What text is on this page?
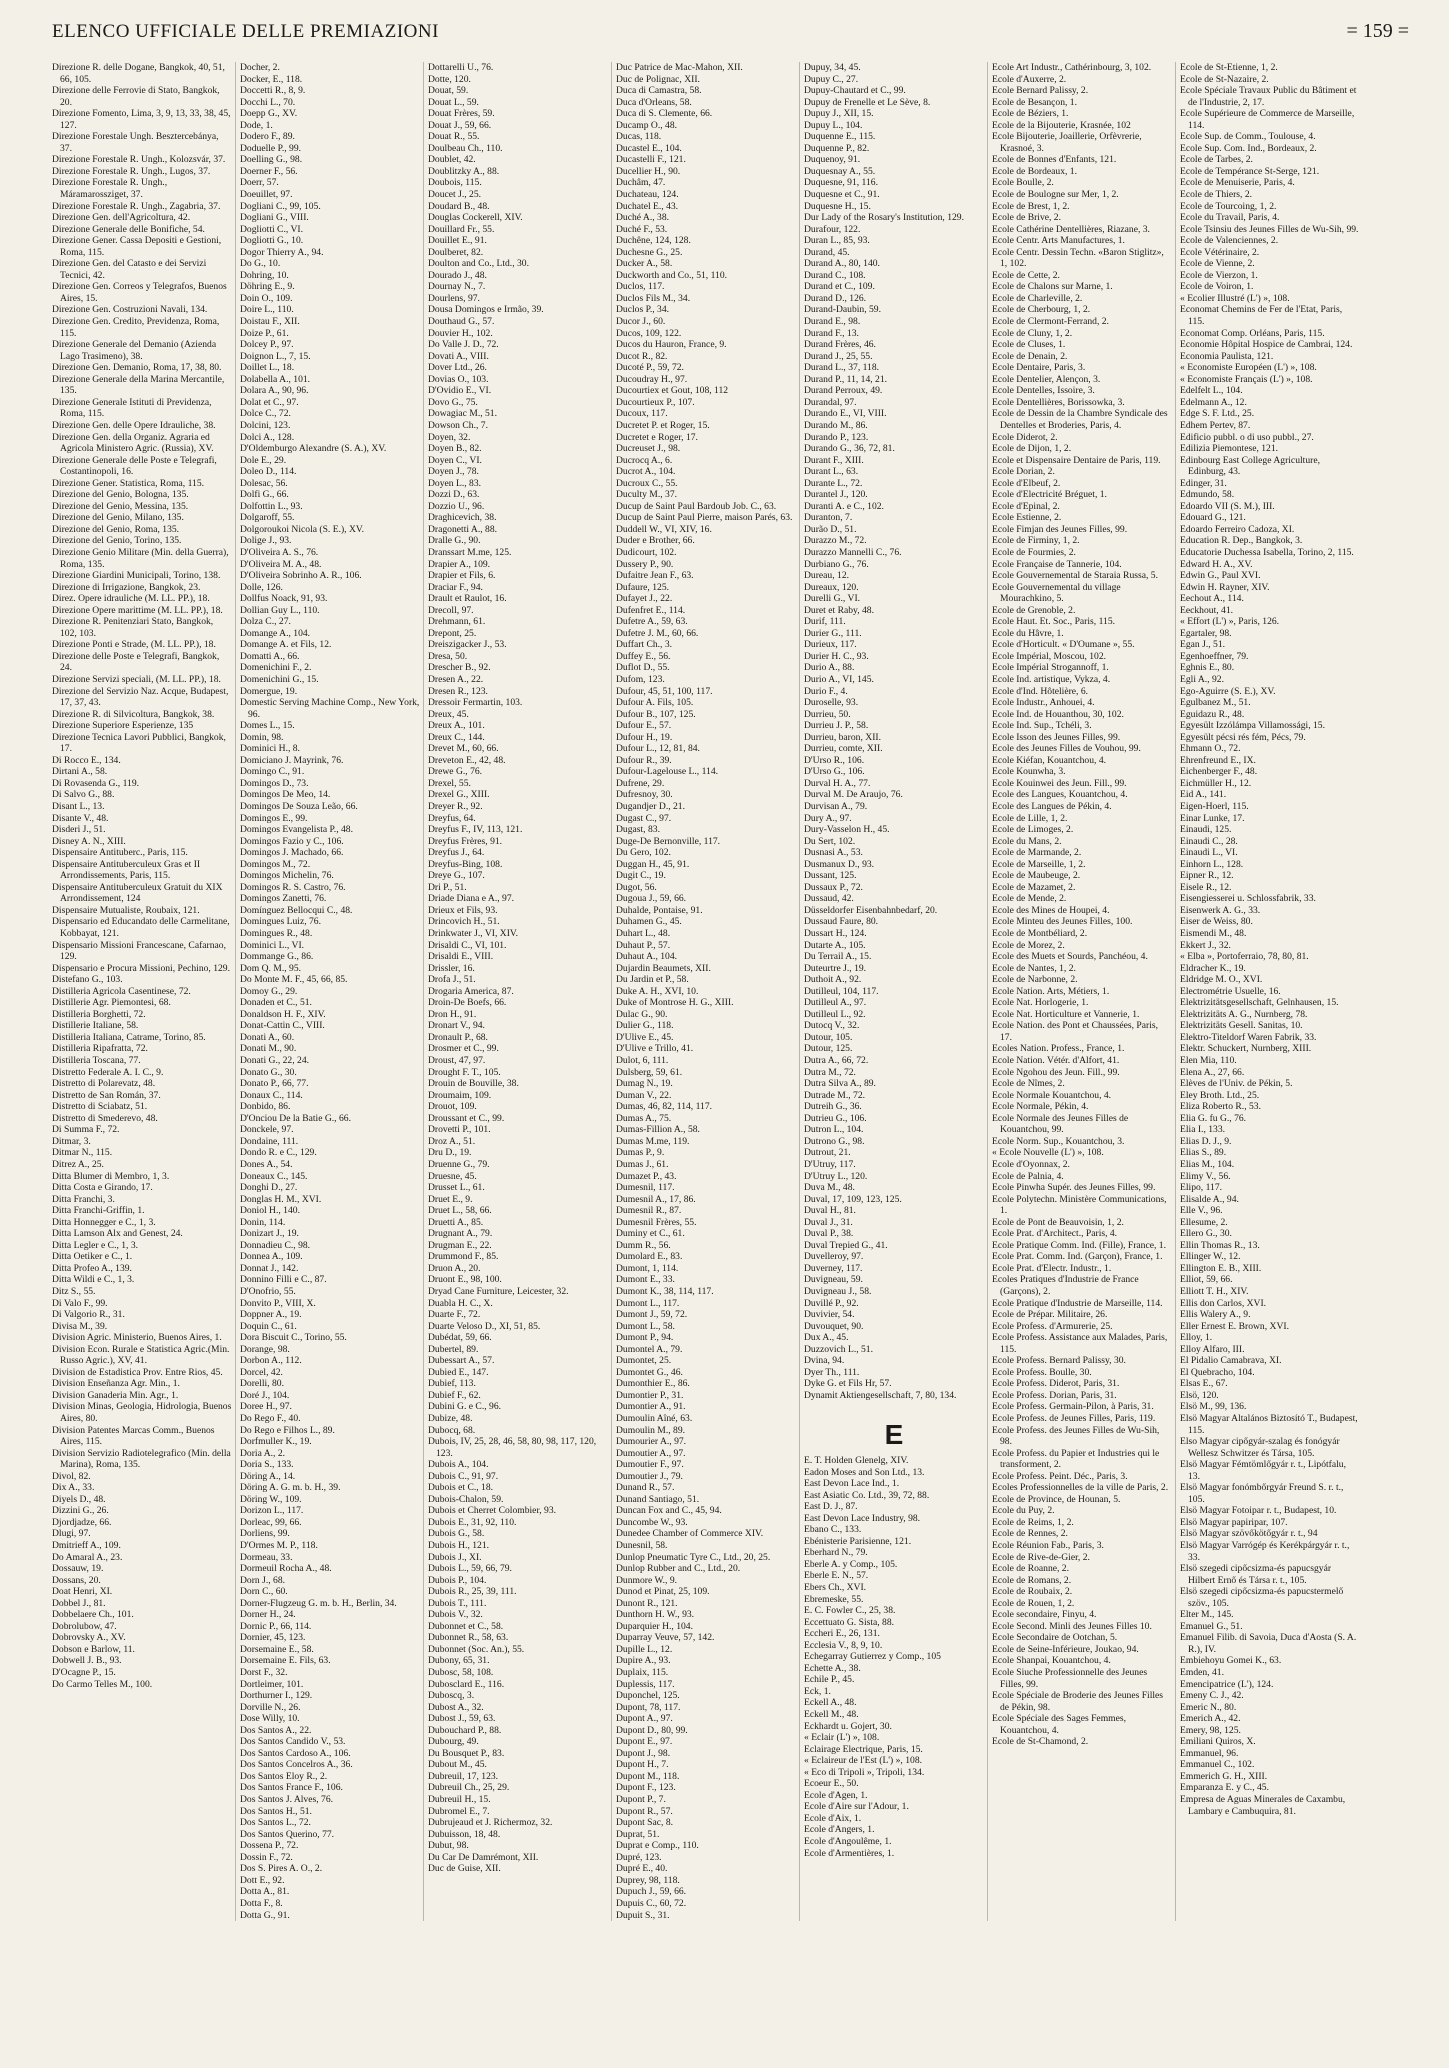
ELENCO UFFICIALE DELLE PREMIAZIONI	= 159 =
Direzione R. delle Dogane, Bangkok, 40, 51, 66, 105.
Direzione delle Ferrovie di Stato, Bangkok, 20.
Direzione Fomento, Lima, 3, 9, 13, 33, 38, 45, 127.
Direzione Forestale Ungh. Besztercebánya, 37.
Direzione Forestale R. Ungh., Kolozsvár, 37.
Direzione Forestale R. Ungh., Lugos, 37.
Direzione Forestale R. Ungh., Máramarossziget, 37.
Direzione Forestale R. Ungh., Zagabria, 37.
Direzione Gen. dell'Agricoltura, 42.
Direzione Generale delle Bonifiche, 54.
Direzione Gener. Cassa Depositi e Gestioni, Roma, 115.
Direzione Gen. del Catasto e dei Servizi Tecnici, 42.
Direzione Gen. Correos y Telegrafos, Buenos Aires, 15.
Direzione Gen. Costruzioni Navali, 134.
Direzione Gen. Credito, Previdenza, Roma, 115.
Direzione Generale del Demanio (Azienda Lago Trasimeno), 38.
Direzione Gen. Demanio, Roma, 17, 38, 80.
Direzione Generale della Marina Mercantile, 135.
Direzione Generale Istituti di Previdenza, Roma, 115.
Direzione Gen. delle Opere Idrauliche, 38.
Direzione Gen. della Organiz. Agraria ed Agricola Ministero Agric. (Russia), XV.
Direzione Generale delle Poste e Telegrafi, Costantinopoli, 16.
Direzione Gener. Statistica, Roma, 115.
Direzione del Genio, Bologna, 135.
Direzione del Genio, Messina, 135.
Direzione del Genio, Milano, 135.
Direzione del Genio, Roma, 135.
Direzione del Genio, Torino, 135.
Direzione Genio Militare (Min. della Guerra), Roma, 135.
Direzione Giardini Municipali, Torino, 138.
Direzione di Irrigazione, Bangkok, 23.
Direz. Opere idrauliche (M. LL. PP.), 18.
Direzione Opere marittime (M. LL. PP.), 18.
Direzione R. Penitenziari Stato, Bangkok, 102, 103.
Direzione Ponti e Strade, (M. LL. PP.), 18.
Direzione delle Poste e Telegrafi, Bangkok, 24.
Direzione Servizi speciali, (M. LL. PP.), 18.
Direzione del Servizio Naz. Acque, Budapest, 17, 37, 43.
Direzione R. di Silvicoltura, Bangkok, 38.
Direzione Superiore Esperienze, 135
Direzione Tecnica Lavori Pubblici, Bangkok, 17.
Di Rocco E., 134.
Dirtani A., 58.
Di Rovasenda G., 119.
Di Salvo G., 88.
Disant L., 13.
Disante V., 48.
Disderi J., 51.
Disney A. N., XIII.
Dispensaire Antituberc., Paris, 115.
Dispensaire Antituberculeux Gras et II Arrondissements, Paris, 115.
Dispensaire Antituberculeux Gratuit du XIX Arrondissement, 124
Dispensaire Mutualiste, Roubaix, 121.
Dispensario ed Educandato delle Carmelitane, Kobbayat, 121.
Dispensario Missioni Francescane, Cafarnao, 129.
Dispensario e Procura Missioni, Pechino, 129.
Distefano G., 103.
Distilleria Agricola Casentinese, 72.
Distillerie Agr. Piemontesi, 68.
Distilleria Borghetti, 72.
Distillerie Italiane, 58.
Distilleria Italiana, Catrame, Torino, 85.
Distilleria Ripafratta, 72.
Distilleria Toscana, 77.
Distretto Federale A. I. C., 9.
Distretto di Polarevatz, 48.
Distretto de San Román, 37.
Distretto di Sciabatz, 51.
Distretto di Smederevo, 48.
Di Summa F., 72.
Ditmar, 3.
Ditmar N., 115.
Ditrez A., 25.
Ditta Blumer di Membro, 1, 3.
Ditta Costa e Girando, 17.
Ditta Franchi, 3.
Ditta Franchi-Griffin, 1.
Ditta Honnegger e C., 1, 3.
Ditta Lamson Alx and Genest, 24.
Ditta Legler e C., 1, 3.
Ditta Oetiker e C., 1.
Ditta Profeo A., 139.
Ditta Wildi e C., 1, 3.
Ditz S., 55.
Di Valo F., 99.
Di Valgorio R., 31.
Divisa M., 39.
Division Agric. Ministerio, Buenos Aires, 1.
Division Econ. Rurale e Statistica Agric.(Min. Russo Agric.), XV, 41.
Division de Estadistica Prov. Entre Rios, 45.
Division Enseñanza Agr. Min., 1.
Division Ganaderia Min. Agr., 1.
Division Minas, Geologia, Hidrologia, Buenos Aires, 80.
Division Patentes Marcas Comm., Buenos Aires, 115.
Division Servizio Radiotelegrafico (Min. della Marina), Roma, 135.
Divol, 82.
Dix A., 33.
Diyels D., 48.
Dizzini G., 26.
Djordjadze, 66.
Dlugi, 97.
Dmitrieff A., 109.
Do Amaral A., 23.
Dossauw, 19.
Dossans, 20.
Doat Henri, XI.
Dobbel J., 81.
Dobbelaere Ch., 101.
Dobrolubow, 47.
Dobrovsky A., XV.
Dobson e Barlow, 11.
Dobwell J. B., 93.
D'Ocagne P., 15.
Do Carmo Telles M., 100.
Docher, 2.
Docker, E., 118.
Doccetti R., 8, 9.
Docchi L., 70.
Doepp G., XV.
Dode, 1.
Dodero F., 89.
Doduelle P., 99.
Doelling G., 98.
Doerner F., 56.
Doerr, 57.
Doeuillet, 97.
Dogliani C., 99, 105.
Dogliani G., VIII.
Dogliotti C., VI.
Dogliotti G., 10.
Dogor Thierry A., 94.
Do G., 10.
Dohring, 10.
Döhring E., 9.
Doin O., 109.
Doire L., 110.
Doistau F., XII.
Doize P., 61.
Dolcey P., 97.
Doignon L., 7, 15.
Doillet L., 18.
Dolabella A., 101.
Dolara A., 90, 96.
Dolat et C., 97.
Dolce C., 72.
Dolcini, 123.
Dolci A., 128.
D'Oldemburgo Alexandre (S. A.), XV.
Dole E., 29.
Doleo D., 114.
Dolesac, 56.
Dolfi G., 66.
Dolfottin L., 93.
Dolgaroff, 55.
Dolgoroukoi Nicola (S. E.), XV.
Dolige J., 93.
D'Oliveira A. S., 76.
D'Oliveira M. A., 48.
D'Oliveira Sobrinho A. R., 106.
Dolle, 126.
Dollfus Noack, 91, 93.
Dollian Guy L., 110.
Dolza C., 27.
Domange A., 104.
Domange A. et Fils, 12.
Domatti A., 66.
Domenichini F., 2.
Domenichini G., 15.
Domergue, 19.
Domestic Serving Machine Comp., New York, 96.
Domes L., 15.
Domin, 98.
Dominici H., 8.
Domiciano J. Mayrink, 76.
Domingo C., 91.
Domingos D., 73.
Domingos De Meo, 14.
Domingos De Souza Leão, 66.
Domingos E., 99.
Domingos Evangelista P., 48.
Domingos Fazio y C., 106.
Domingos J. Machado, 66.
Domingos M., 72.
Domingos Michelin, 76.
Domingos R. S. Castro, 76.
Domingos Zanetti, 76.
Domínguez Bellocqui C., 48.
Domingues Luiz, 76.
Domingues R., 48.
Dominici L., VI.
Dommange G., 86.
Dom Q. M., 95.
Do Monte M. F., 45, 66, 85.
Domoy G., 29.
Donaden et C., 51.
Donaldson H. F., XIV.
Donat-Cattin C., VIII.
Donati A., 60.
Donati M., 90.
Donati G., 22, 24.
Donato G., 30.
Donato P., 66, 77.
Donaux C., 114.
Donbido, 86.
D'Onciou De la Batie G., 66.
Donckele, 97.
Dondaine, 111.
Dondo R. e C., 129.
Dones A., 54.
Doneaux C., 145.
Donghi D., 27.
Donglas H. M., XVI.
Doniol H., 140.
Donin, 114.
Donizart J., 19.
Donnadieu C., 98.
Donnea A., 109.
Donnat J., 142.
Donnino Filli e C., 87.
D'Onofrio, 55.
Donvito P., VIII, X.
Doppner A., 19.
Doquin C., 61.
Dora Biscuit C., Torino, 55.
Dorange, 98.
Dorbon A., 112.
Dorcel, 42.
Dorelli, 80.
Doré J., 104.
Doree H., 97.
Do Rego F., 40.
Do Rego e Filhos L., 89.
Dorfmuller K., 19.
Doria A., 2.
Doria S., 133.
Döring A., 14.
Döring A. G. m. b. H., 39.
Döring W., 109.
Dorizon L., 117.
Dorleac, 99, 66.
Dorliens, 99.
D'Ormes M. P., 118.
Dormeau, 33.
Dormeuil Rocha A., 48.
Dorn J., 68.
Dorn C., 60.
Dorner-Flugzeug G. m. b. H., Berlin, 34.
Dorner H., 24.
Dornic P., 66, 114.
Dornier, 45, 123.
Dorsemaine E., 58.
Dorsemaine E. Fils, 63.
Dorst F., 32.
Dortleimer, 101.
Dorthurner I., 129.
Dorville N., 26.
Dose Willy, 10.
Dos Santos A., 22.
Dos Santos Candido V., 53.
Dos Santos Cardoso A., 106.
Dos Santos Concelros A., 36.
Dos Santos Eloy R., 2.
Dos Santos France F., 106.
Dos Santos J. Alves, 76.
Dos Santos H., 51.
Dos Santos L., 72.
Dos Santos Querino, 77.
Dossena P., 72.
Dossin F., 72.
Dos S. Pires A. O., 2.
Dott E., 92.
Dotta A., 81.
Dotta F., 8.
Dotta G., 91.
Dottarelli U., 76.
Dotte, 120.
Douat, 59.
Douat L., 59.
Douat Frères, 59.
Douat J., 59, 66.
Douat R., 55.
Doulbeau Ch., 110.
Doublet, 42.
Doublitzky A., 88.
Doubois, 115.
Doucet J., 25.
Doudard B., 48.
Douglas Cockerell, XIV.
Douillard Fr., 55.
Douillet E., 91.
Doulberet, 82.
Doulton and Co., Ltd., 30.
Dourado J., 48.
Dournay N., 7.
Dourlens, 97.
Dousa Domingos e Irmão, 39.
Douthaud G., 57.
Douvier H., 102.
Do Valle J. D., 72.
Dovati A., VIII.
Dover Ltd., 26.
Dovias O., 103.
D'Ovidio E., VI.
Dovo G., 75.
Dowagiac M., 51.
Dowson Ch., 7.
Doyen, 32.
Doyen B., 82.
Doyen C., VI.
Doyen J., 78.
Doyen L., 83.
Dozzi D., 63.
Dozzio U., 96.
Draghicevich, 38.
Dragonetti A., 88.
Dralle G., 90.
Dranssart M.me, 125.
Drapier A., 109.
Drapier et Fils, 6.
Draciar F., 94.
Drault et Raulot, 16.
Drecoll, 97.
Drehmann, 61.
Drepont, 25.
Dreiszigacker J., 53.
Dresa, 50.
Drescher B., 92.
Dresen A., 22.
Dresen R., 123.
Dressoir Fermartin, 103.
Dreux, 45.
Dreux A., 101.
Dreux C., 144.
Drevet M., 60, 66.
Dreveton E., 42, 48.
Drewe G., 76.
Drexel, 55.
Drexel G., XIII.
Dreyer R., 92.
Dreyfus, 64.
Dreyfus F., IV, 113, 121.
Dreyfus Frères, 91.
Dreyfus J., 64.
Dreyfus-Bing, 108.
Dreye G., 107.
Dri P., 51.
Driade Diana e A., 97.
Drieux et Fils, 93.
Drincovich H., 51.
Drinkwater J., VI, XIV.
Drisaldi C., VI, 101.
Drisaldi E., VIII.
Drissler, 16.
Drofa J., 51.
Drogaria America, 87.
Droin-De Boefs, 66.
Dron H., 91.
Dronart V., 94.
Dronault P., 68.
Drosmer et C., 99.
Droust, 47, 97.
Drought F. T., 105.
Drouin de Bouville, 38.
Droumaim, 109.
Drouot, 109.
Droussant et C., 99.
Drovetti P., 101.
Droz A., 51.
Dru D., 19.
Druenne G., 79.
Druesne, 45.
Drusset L., 61.
Druet E., 9.
Druet L., 58, 66.
Druetti A., 85.
Drugnant A., 79.
Drugman E., 22.
Drummond F., 85.
Druon A., 20.
Druont E., 98, 100.
Dryad Cane Furniture, Leicester, 32.
Duabla H. C., X.
Duarte F., 72.
Duarte Veloso D., XI, 51, 85.
Dubédat, 59, 66.
Dubertel, 89.
Dubessart A., 57.
Dubied E., 147.
Dubief, 113.
Dubief F., 62.
Dubini G. e C., 96.
Dubize, 48.
Dubocq, 68.
Dubois, IV, 25, 28, 46, 58, 80, 98, 117, 120, 123.
Dubois A., 104.
Dubois C., 91, 97.
Dubois et C., 18.
Dubois-Chalon, 59.
Dubois et Cherret Colombier, 93.
Dubois E., 31, 92, 110.
Dubois G., 58.
Dubois H., 121.
Dubois J., XI.
Dubois L., 59, 66, 79.
Dubois P., 104.
Dubois R., 25, 39, 111.
Dubois T., 111.
Dubois V., 32.
Dubonnet et C., 58.
Dubonnet R., 58, 63.
Dubonnet (Soc. An.), 55.
Dubony, 65, 31.
Dubosc, 58, 108.
Dubosclard E., 116.
Duboscq, 3.
Dubost A., 32.
Dubost J., 59, 63.
Dubouchard P., 88.
Dubourg, 49.
Du Bousquet P., 83.
Dubout M., 45.
Dubreuil, 17, 123.
Dubreuil Ch., 25, 29.
Dubreuil H., 15.
Dubromel E., 7.
Dubrujeaud et J. Richermoz, 32.
Dubuisson, 18, 48.
Dubut, 98.
Du Car De Damrémont, XII.
Duc de Guise, XII.
Duc Patrice de Mac-Mahon, XII.
Duc de Polignac, XII.
Duca di Camastra, 58.
Duca d'Orleans, 58.
Duca di S. Clemente, 66.
Ducamp O., 48.
Ducas, 118.
Ducastel E., 104.
Ducastelli F., 121.
Ducellier H., 90.
Duchâm, 47.
Duchateau, 124.
Duchatel E., 43.
Duché A., 38.
Duché F., 53.
Duchêne, 124, 128.
Duchesne G., 25.
Ducker A., 58.
Duckworth and Co., 51, 110.
Duclos, 117.
Duclos Fils M., 34.
Duclos P., 34.
Ducor J., 60.
Ducos, 109, 122.
Ducos du Hauron, France, 9.
Ducot R., 82.
Ducoté P., 59, 72.
Ducoudray H., 97.
Ducourtiex et Gout, 108, 112
Ducourtieux P., 107.
Ducoux, 117.
Ducretet P. et Roger, 15.
Ducretet e Roger, 17.
Ducreuset J., 98.
Ducrocq A., 6.
Ducrot A., 104.
Ducroux C., 55.
Duculty M., 37.
Ducup de Saint Paul Bardoub Job. C., 63.
Ducup de Saint Paul Pierre, maison Parés, 63.
Duddell W., VI, XIV, 16.
Duder e Brother, 66.
Dudicourt, 102.
Dussery P., 90.
Dufaitre Jean F., 63.
Dufaure, 125.
Dufayet J., 22.
Dufenfret E., 114.
Dufetre A., 59, 63.
Dufetre J. M., 60, 66.
Duffart Ch., 3.
Duffey E., 56.
Duflot D., 55.
Dufom, 123.
Dufour, 45, 51, 100, 117.
Dufour A. Fils, 105.
Dufour B., 107, 125.
Dufour E., 57.
Dufour H., 19.
Dufour L., 12, 81, 84.
Dufour R., 39.
Dufour-Lagelouse L., 114.
Dufrene, 29.
Dufresnoy, 30.
Dugandjer D., 21.
Dugast C., 97.
Dugast, 83.
Duge-De Bernonville, 117.
Du Gero, 102.
Duggan H., 45, 91.
Dugit C., 19.
Dugot, 56.
Dugoua J., 59, 66.
Duhalde, Pontaise, 91.
Duhamen G., 45.
Duhart L., 48.
Duhaut P., 57.
Duhaut A., 104.
Dujardin Beaumets, XII.
Du Jardin et P., 58.
Duke A. H., XVI, 10.
Duke of Montrose H. G., XIII.
Dulac G., 90.
Dulier G., 118.
D'Ulive E., 45.
D'Ulive e Trillo, 41.
Dulot, 6, 111.
Dulsberg, 59, 61.
Dumag N., 19.
Duman V., 22.
Dumas, 46, 82, 114, 117.
Dumas A., 75.
Dumas-Fillion A., 58.
Dumas M.me, 119.
Dumas P., 9.
Dumas J., 61.
Dumazet P., 43.
Dumesnil, 117.
Dumesnil A., 17, 86.
Dumesnil R., 87.
Dumesnil Frères, 55.
Duminy et C., 61.
Dumm R., 56.
Dumolard E., 83.
Dumont, 1, 114.
Dumont E., 33.
Dumont K., 38, 114, 117.
Dumont L., 117.
Dumont J., 59, 72.
Dumont L., 58.
Dumont P., 94.
Dumontel A., 79.
Dumontet, 25.
Dumontet G., 46.
Dumonthier E., 86.
Dumontier P., 31.
Dumontier A., 91.
Dumoulin Aîné, 63.
Dumoulin M., 89.
Dumourier A., 97.
Dumoutier A., 97.
Dumoutier F., 97.
Dumoutier J., 79.
Dunand R., 57.
Dunand Santiago, 51.
Duncan Fox and C., 45, 94.
Duncombe W., 93.
Dunedee Chamber of Commerce XIV.
Dunesnil, 58.
Dunlop Pneumatic Tyre C., Ltd., 20, 25.
Dunlop Rubber and C., Ltd., 20.
Dunmore W., 9.
Dunod et Pinat, 25, 109.
Dunont R., 121.
Dunthorn H. W., 93.
Duparquier H., 104.
Duparray Veuve, 57, 142.
Dupille L., 12.
Dupire A., 93.
Duplaix, 115.
Duplessis, 117.
Duponchel, 125.
Dupont, 78, 117.
Dupont A., 97.
Dupont D., 80, 99.
Dupont E., 97.
Dupont J., 98.
Dupont H., 7.
Dupont M., 118.
Dupont F., 123.
Dupont P., 7.
Dupont R., 57.
Dupont Sac, 8.
Duprat, 51.
Duprat e Comp., 110.
Dupré, 123.
Dupré E., 40.
Duprey, 98, 118.
Dupuch J., 59, 66.
Dupuis C., 60, 72.
Dupuit S., 31.
Dupuy, 34, 45.
Dupuy C., 27.
Dupuy-Chautard et C., 99.
Dupuy de Frenelle et Le Sève, 8.
Dupuy J., XII, 15.
Dupuy L., 104.
Duquenne E., 115.
Duquenne P., 82.
Duquenoy, 91.
Duquesnay A., 55.
Duquesne, 91, 116.
Duquesne et C., 91.
Duquesne H., 15.
Dur Lady of the Rosary's Institution, 129.
Durafour, 122.
Duran L., 85, 93.
Durand, 45.
Durand A., 80, 140.
Durand C., 108.
Durand et C., 109.
Durand D., 126.
Durand-Daubin, 59.
Durand E., 98.
Durand F., 13.
Durand Frères, 46.
Durand J., 25, 55.
Durand L., 37, 118.
Durand P., 11, 14, 21.
Durand Perroux, 49.
Durandal, 97.
Durando E., VI, VIII.
Durando M., 86.
Durando P., 123.
Durando G., 36, 72, 81.
Durant F., XIII.
Durant L., 63.
Durante L., 72.
Durantel J., 120.
Duranti A. e C., 102.
Duranton, 7.
Durão D., 51.
Durazzo M., 72.
Durazzo Mannelli C., 76.
Durbiano G., 76.
Dureau, 12.
Dureaux, 120.
Durelli G., VI.
Duret et Raby, 48.
Durif, 111.
Durier G., 111.
Durieux, 117.
Durier H. C., 93.
Durio A., 88.
Durio A., VI, 145.
Durio F., 4.
Duroselle, 93.
Durrieu, 50.
Durrieu J. P., 58.
Durrieu, baron, XII.
Durrieu, comte, XII.
D'Urso R., 106.
D'Urso G., 106.
Durval H. A., 77.
Durval M. De Araujo, 76.
Durvisan A., 79.
Dury A., 97.
Dury-Vasselon H., 45.
Du Sert, 102.
Dusnasi A., 53.
Dusmanux D., 93.
Dussant, 125.
Dussaux P., 72.
Dussaud, 42.
Düsseldorfer Eisenbahnbedarf, 20.
Dussaud Faure, 80.
Dussart H., 124.
Dutarte A., 105.
Du Terrail A., 15.
Duteurtre J., 19.
Duthoit A., 92.
Dutilleul, 104, 117.
Dutilleul A., 97.
Dutilleul L., 92.
Dutocq V., 32.
Dutour, 105.
Dutour, 125.
Dutra A., 66, 72.
Dutra M., 72.
Dutra Silva A., 89.
Dutrade M., 72.
Dutreih G., 36.
Dutrieu G., 106.
Dutron L., 104.
Dutrono G., 98.
Dutrout, 21.
D'Utruy, 117.
D'Utruy L., 120.
Duva M., 48.
Duval, 17, 109, 123, 125.
Duval H., 81.
Duval J., 31.
Duval P., 38.
Duval Trepied G., 41.
Duvelleroy, 97.
Duverney, 117.
Duvigneau, 59.
Duvigneau J., 58.
Duvillé P., 92.
Duvivier, 54.
Duvouquet, 90.
Dux A., 45.
Duzzovich L., 51.
Dvina, 94.
Dyer Th., 111.
Dyke G. et Fils Hr, 57.
Dynamit Aktiengesellschaft, 7, 80, 134.
E
E. T. Holden Glenelg, XIV.
Eadon Moses and Son Ltd., 13.
East Devon Lace Ind., 1.
East Asiatic Co. Ltd., 39, 72, 88.
East D. J., 87.
East Devon Lace Industry, 98.
Ebano C., 133.
Ebénisterie Parisienne, 121.
Eberhard N., 79.
Eberle A. y Comp., 105.
Eberle E. N., 57.
Ebers Ch., XVI.
Ebremeske, 55.
E. C. Fowler C., 25, 38.
Eccettuato G. Sista, 88.
Eccheri E., 26, 131.
Ecclesia V., 8, 9, 10.
Echegarray Gutierrez y Comp., 105
Echette A., 38.
Echile P., 45.
Eck, 1.
Eckell A., 48.
Eckell M., 48.
Eckhardt u. Gojert, 30.
« Eclair (L') », 108.
Eclairage Electrique, Paris, 15.
« Eclaireur de l'Est (L') », 108.
« Eco di Tripoli », Tripoli, 134.
Ecoeur E., 50.
Ecole d'Agen, 1.
Ecole d'Aire sur l'Adour, 1.
Ecole d'Aix, 1.
Ecole d'Angers, 1.
Ecole d'Angoulême, 1.
Ecole d'Armentières, 1.
Ecole Art Industr., Cathérinbourg, 3, 102.
Ecole d'Auxerre, 2.
Ecole Bernard Palissy, 2.
Ecole de Besançon, 1.
Ecole de Béziers, 1.
Ecole de la Bijouterie, Krasnée, 102
Ecole Bijouterie, Joaillerie, Orfèvrerie, Krasnoé, 3.
Ecole de Bonnes d'Enfants, 121.
Ecole de Bordeaux, 1.
Ecole Boulle, 2.
Ecole de Boulogne sur Mer, 1, 2.
Ecole de Brest, 1, 2.
Ecole de Brive, 2.
Ecole Cathérine Dentellières, Riazane, 3.
Ecole Centr. Arts Manufactures, 1.
Ecole Centr. Dessin Techn. «Baron Stiglitz», 1, 102.
Ecole de Cette, 2.
Ecole de Chalons sur Marne, 1.
Ecole de Charleville, 2.
Ecole de Cherbourg, 1, 2.
Ecole de Clermont-Ferrand, 2.
Ecole de Cluny, 1, 2.
Ecole de Cluses, 1.
Ecole de Denain, 2.
Ecole Dentaire, Paris, 3.
Ecole Dentelier, Alençon, 3.
Ecole Dentelles, Issoire, 3.
Ecole Dentellières, Borissowka, 3.
Ecole de Dessin de la Chambre Syndicale des Dentelles et Broderies, Paris, 4.
Ecole Diderot, 2.
Ecole de Dijon, 1, 2.
Ecole et Dispensaire Dentaire de Paris, 119.
Ecole Dorian, 2.
Ecole d'Elbeuf, 2.
Ecole d'Electricité Bréguet, 1.
Ecole d'Epinal, 2.
Ecole Estienne, 2.
Ecole Fimjan des Jeunes Filles, 99.
Ecole de Firminy, 1, 2.
Ecole de Fourmies, 2.
Ecole Française de Tannerie, 104.
Ecole Gouvernemental de Staraia Russa, 5.
Ecole Gouvernemental du village Mourachkino, 5.
Ecole de Grenoble, 2.
Ecole Haut. Et. Soc., Paris, 115.
Ecole du Hâvre, 1.
Ecole d'Horticult. « D'Oumane », 55.
Ecole Impérial, Moscou, 102.
Ecole Impérial Strogannoff, 1.
Ecole Ind. artistique, Vykza, 4.
Ecole d'Ind. Hôtelière, 6.
Ecole Industr., Anhouei, 4.
Ecole Ind. de Houanthou, 30, 102.
Ecole Ind. Sup., Tchéli, 3.
Ecole Isson des Jeunes Filles, 99.
Ecole des Jeunes Filles de Vouhou, 99.
Ecole Kiéfan, Kouantchou, 4.
Ecole Kounwha, 3.
Ecole Kouinwei des Jeun. Fill., 99.
Ecole des Langues, Kouantchou, 4.
Ecole des Langues de Pékin, 4.
Ecole de Lille, 1, 2.
Ecole de Limoges, 2.
Ecole du Mans, 2.
Ecole de Marmande, 2.
Ecole de Marseille, 1, 2.
Ecole de Maubeuge, 2.
Ecole de Mazamet, 2.
Ecole de Mende, 2.
Ecole des Mines de Houpei, 4.
Ecole Minteu des Jeunes Filles, 100.
Ecole de Montbéliard, 2.
Ecole de Morez, 2.
Ecole des Muets et Sourds, Panchéou, 4.
Ecole de Nantes, 1, 2.
Ecole de Narbonne, 2.
Ecole Nation. Arts, Métiers, 1.
Ecole Nat. Horlogerie, 1.
Ecole Nat. Horticulture et Vannerie, 1.
Ecole Nation. des Pont et Chaussées, Paris, 17.
Ecoles Nation. Profess., France, 1.
Ecole Nation. Vétér. d'Alfort, 41.
Ecole Ngohou des Jeun. Fill., 99.
Ecole de Nîmes, 2.
Ecole Normale Kouantchou, 4.
Ecole Normale, Pékin, 4.
Ecole Normale des Jeunes Filles de Kouantchou, 99.
Ecole Norm. Sup., Kouantchou, 3.
« Ecole Nouvelle (L') », 108.
Ecole d'Oyonnax, 2.
Ecole de Palnia, 4.
Ecole Pinwha Supér. des Jeunes Filles, 99.
Ecole Polytechn. Ministère Communications, 1.
Ecole de Pont de Beauvoisin, 1, 2.
Ecole Prat. d'Architect., Paris, 4.
Ecole Pratique Comm. Ind. (Fille), France, 1.
Ecole Prat. Comm. Ind. (Garçon), France, 1.
Ecole Prat. d'Electr. Industr., 1.
Ecoles Pratiques d'Industrie de France (Garçons), 2.
Ecole Pratique d'Industrie de Marseille, 114.
Ecole de Prépar. Militaire, 26.
Ecole Profess. d'Armurerie, 25.
Ecole Profess. Assistance aux Malades, Paris, 115.
Ecole Profess. Bernard Palissy, 30.
Ecole Profess. Boulle, 30.
Ecole Profess. Diderot, Paris, 31.
Ecole Profess. Dorian, Paris, 31.
Ecole Profess. Germain-Pilon, à Paris, 31.
Ecole Profess. de Jeunes Filles, Paris, 119.
Ecole Profess. des Jeunes Filles de Wu-Sih, 98.
Ecole Profess. du Papier et Industries qui le transforment, 2.
Ecole Profess. Peint. Déc., Paris, 3.
Ecoles Professionnelles de la ville de Paris, 2.
Ecole de Province, de Hounan, 5.
Ecole du Puy, 2.
Ecole de Reims, 1, 2.
Ecole de Rennes, 2.
Ecole Réunion Fab., Paris, 3.
Ecole de Rive-de-Gier, 2.
Ecole de Roanne, 2.
Ecole de Romans, 2.
Ecole de Roubaix, 2.
Ecole de Rouen, 1, 2.
Ecole secondaire, Finyu, 4.
Ecole Second. Minli des Jeunes Filles 10.
Ecole Secondaire de Ootchan, 5.
Ecole de Seine-Inférieure, Joukao, 94.
Ecole Shanpai, Kouantchou, 4.
Ecole Siuche Professionnelle des Jeunes Filles, 99.
Ecole Spéciale de Broderie des Jeunes Filles de Pékin, 98.
Ecole Spéciale des Sages Femmes, Kouantchou, 4.
Ecole de St-Chamond, 2.
Ecole de St-Etienne, 1, 2.
Ecole de St-Nazaire, 2.
Ecole Spéciale Travaux Public du Bâtiment et de l'Industrie, 2, 17.
Ecole Supérieure de Commerce de Marseille, 114.
Ecole Sup. de Comm., Toulouse, 4.
Ecole Sup. Com. Ind., Bordeaux, 2.
Ecole de Tarbes, 2.
Ecole de Tempérance St-Serge, 121.
Ecole de Menuiserie, Paris, 4.
Ecole de Thiers, 2.
Ecole de Tourcoing, 1, 2.
Ecole du Travail, Paris, 4.
Ecole Tsinsiu des Jeunes Filles de Wu-Sih, 99.
Ecole de Valenciennes, 2.
Ecole Vétérinaire, 2.
Ecole de Vienne, 2.
Ecole de Vierzon, 1.
Ecole de Voiron, 1.
« Ecolier Illustré (L') », 108.
Economat Chemins de Fer de l'Etat, Paris, 115.
Economat Comp. Orléans, Paris, 115.
Economie Hôpital Hospice de Cambrai, 124.
Economia Paulista, 121.
« Economiste Européen (L') », 108.
« Economiste Français (L') », 108.
Edelfelt L., 104.
Edelmann A., 12.
Edge S. F. Ltd., 25.
Edhem Pertev, 87.
Edificio pubbl. o di uso pubbl., 27.
Edilizia Piemontese, 121.
Edinbourg East College Agriculture, Edinburg, 43.
Edinger, 31.
Edmundo, 58.
Edoardo VII (S. M.), III.
Edouard G., 121.
Edoardo Ferreiro Cadoza, XI.
Education R. Dep., Bangkok, 3.
Educatorie Duchessa Isabella, Torino, 2, 115.
Edward H. A., XV.
Edwin G., Paul XVI.
Edwin H. Rayner, XIV.
Eechout A., 114.
Eeckhout, 41.
« Effort (L') », Paris, 126.
Egartaler, 98.
Egan J., 51.
Egenhoeffner, 79.
Eghnis E., 80.
Egli A., 92.
Ego-Aguirre (S. E.), XV.
Egulbanez M., 51.
Eguidazu R., 48.
Egyesült Izzólámpa Villamossági, 15.
Egyesült pécsi rés fém, Pécs, 79.
Ehmann O., 72.
Ehrenfreund E., IX.
Eichenberger F., 48.
Eichmüller H., 12.
Eid A., 141.
Eigen-Hoerl, 115.
Einar Lunke, 17.
Einaudi, 125.
Einaudi C., 28.
Einaudi L., VI.
Einhorn L., 128.
Eipner R., 12.
Eisele R., 12.
Eisengiesserei u. Schlossfabrik, 33.
Eisenwerk A. G., 33.
Eiser de Weiss, 80.
Eismendi M., 48.
Ekkert J., 32.
« Elba », Portoferraio, 78, 80, 81.
Eldracher K., 19.
Eldridge M. O., XVI.
Electrométrie Usuelle, 16.
Elektrizitätsgesellschaft, Gelnhausen, 15.
Elektrizitäts A. G., Nurnberg, 78.
Elektrizitäts Gesell. Sanitas, 10.
Elektro-Titeldorf Waren Fabrik, 33.
Elektr. Schuckert, Nurnberg, XIII.
Elen Mia, 110.
Elena A., 27, 66.
Elèves de l'Univ. de Pékin, 5.
Eley Broth. Ltd., 25.
Eliza Roberto R., 53.
Elia G. fu G., 76.
Elia I., 133.
Elias D. J., 9.
Elias S., 89.
Elias M., 104.
Elimy V., 56.
Elipo, 117.
Elisalde A., 94.
Elle V., 96.
Ellesume, 2.
Ellero G., 30.
Ellin Thomas R., 13.
Ellinger W., 12.
Ellington E. B., XIII.
Elliot, 59, 66.
Elliott T. H., XIV.
Ellis don Carlos, XVI.
Ellis Walery A., 9.
Eller Ernest E. Brown, XVI.
Elloy, 1.
Elloy Alfaro, III.
El Pidalio Camabrava, XI.
El Quebracho, 104.
Elsas E., 67.
Elsö, 120.
Elsö M., 99, 136.
Elsö Magyar Altalános Biztosító T., Budapest, 115.
Elso Magyar cipőgyár-szalag és fonógyár Wellesz Schwitzer és Társa, 105.
Elsö Magyar Fémtömlőgyár r. t., Lipótfalu, 13.
Elsö Magyar fonómbőrgyár Freund S. r. t., 105.
Elsö Magyar Fotoipar r. t., Budapest, 10.
Elsö Magyar papiripar, 107.
Elsö Magyar szövőkötőgyár r. t., 94
Elsö Magyar Varrógép és Kerékpárgyár r. t., 33.
Elsö szegedi cipőcsizma-és papucsgyár Hilbert Ernő és Társa r. t., 105.
Elsö szegedi cipőcsizma-és papucstermelő szöv., 105.
Elter M., 145.
Emanuel G., 51.
Emanuel Filib. di Savoia, Duca d'Aosta (S. A. R.), IV.
Embiehoyu Gomei K., 63.
Emden, 41.
Emencipatrice (L'), 124.
Emeny C. J., 42.
Emeric N., 80.
Emerich A., 42.
Emery, 98, 125.
Emiliani Quiros, X.
Emmanuel, 96.
Emmanuel C., 102.
Emmerich G. H., XIII.
Emparanza E. y C., 45.
Empresa de Aguas Minerales de Caxambu, Lambary e Cambuquira, 81.
